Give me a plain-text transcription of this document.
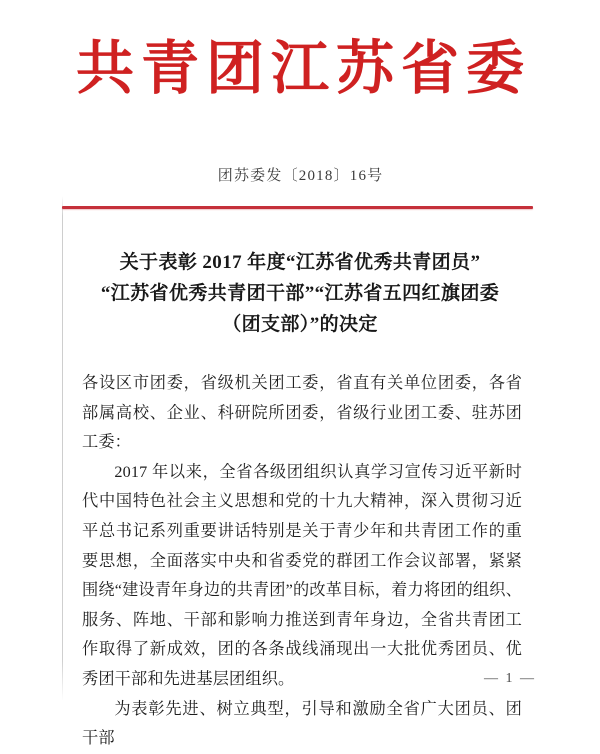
共青团江苏省委
团苏委发〔2018〕16号
关于表彰 2017 年度“江苏省优秀共青团员”
“江苏省优秀共青团干部”“江苏省五四红旗团委
（团支部）”的决定

各设区市团委，省级机关团工委，省直有关单位团委，各省部属高校、企业、科研院所团委，省级行业团工委、驻苏团工委：

2017 年以来，全省各级团组织认真学习宣传习近平新时代中国特色社会主义思想和党的十九大精神，深入贯彻习近平总书记系列重要讲话特别是关于青少年和共青团工作的重要思想，全面落实中央和省委党的群团工作会议部署，紧紧围绕“建设青年身边的共青团”的改革目标，着力将团的组织、服务、阵地、干部和影响力推送到青年身边，全省共青团工作取得了新成效，团的各条战线涌现出一大批优秀团员、优秀团干部和先进基层团组织。

为表彰先进、树立典型，引导和激励全省广大团员、团干部

— 1 —
